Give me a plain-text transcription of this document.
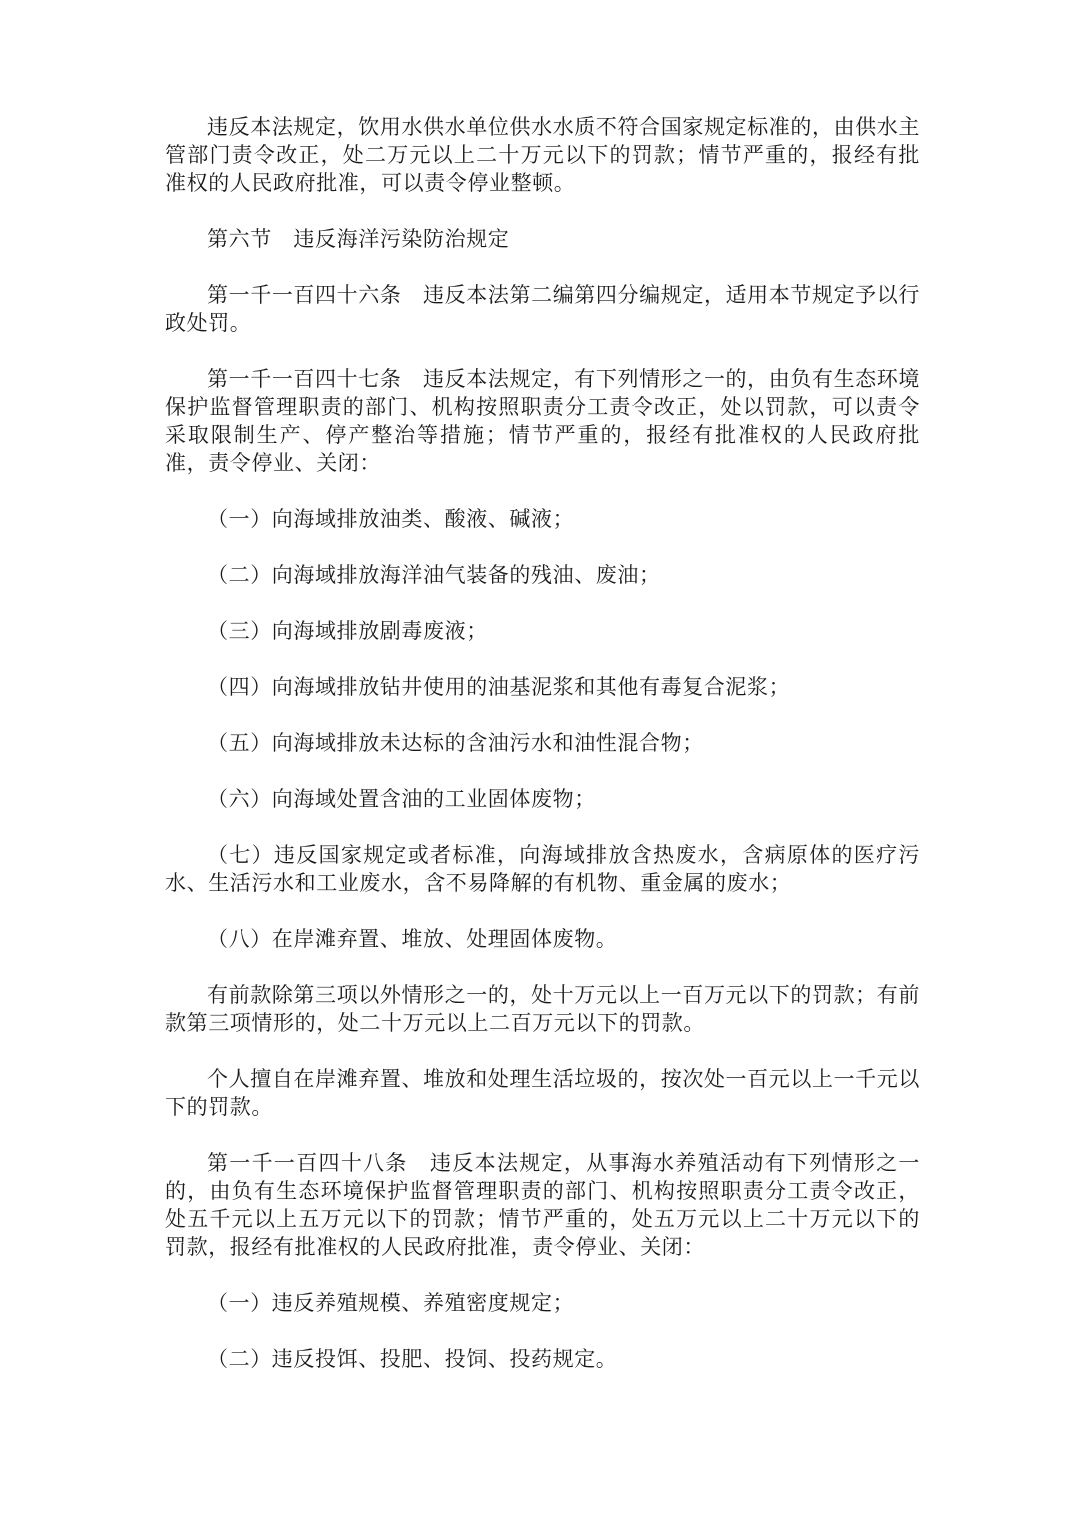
违反本法规定，饮用水供水单位供水水质不符合国家规定标准的，由供水主管部门责令改正，处二万元以上二十万元以下的罚款；情节严重的，报经有批准权的人民政府批准，可以责令停业整顿。

第六节　违反海洋污染防治规定

第一千一百四十六条　违反本法第二编第四分编规定，适用本节规定予以行政处罚。

第一千一百四十七条　违反本法规定，有下列情形之一的，由负有生态环境保护监督管理职责的部门、机构按照职责分工责令改正，处以罚款，可以责令采取限制生产、停产整治等措施；情节严重的，报经有批准权的人民政府批准，责令停业、关闭：

（一）向海域排放油类、酸液、碱液；

（二）向海域排放海洋油气装备的残油、废油；

（三）向海域排放剧毒废液；

（四）向海域排放钻井使用的油基泥浆和其他有毒复合泥浆；

（五）向海域排放未达标的含油污水和油性混合物；

（六）向海域处置含油的工业固体废物；

（七）违反国家规定或者标准，向海域排放含热废水，含病原体的医疗污水、生活污水和工业废水，含不易降解的有机物、重金属的废水；

（八）在岸滩弃置、堆放、处理固体废物。

有前款除第三项以外情形之一的，处十万元以上一百万元以下的罚款；有前款第三项情形的，处二十万元以上二百万元以下的罚款。

个人擅自在岸滩弃置、堆放和处理生活垃圾的，按次处一百元以上一千元以下的罚款。

第一千一百四十八条　违反本法规定，从事海水养殖活动有下列情形之一的，由负有生态环境保护监督管理职责的部门、机构按照职责分工责令改正，处五千元以上五万元以下的罚款；情节严重的，处五万元以上二十万元以下的罚款，报经有批准权的人民政府批准，责令停业、关闭：

（一）违反养殖规模、养殖密度规定；

（二）违反投饵、投肥、投饲、投药规定。
